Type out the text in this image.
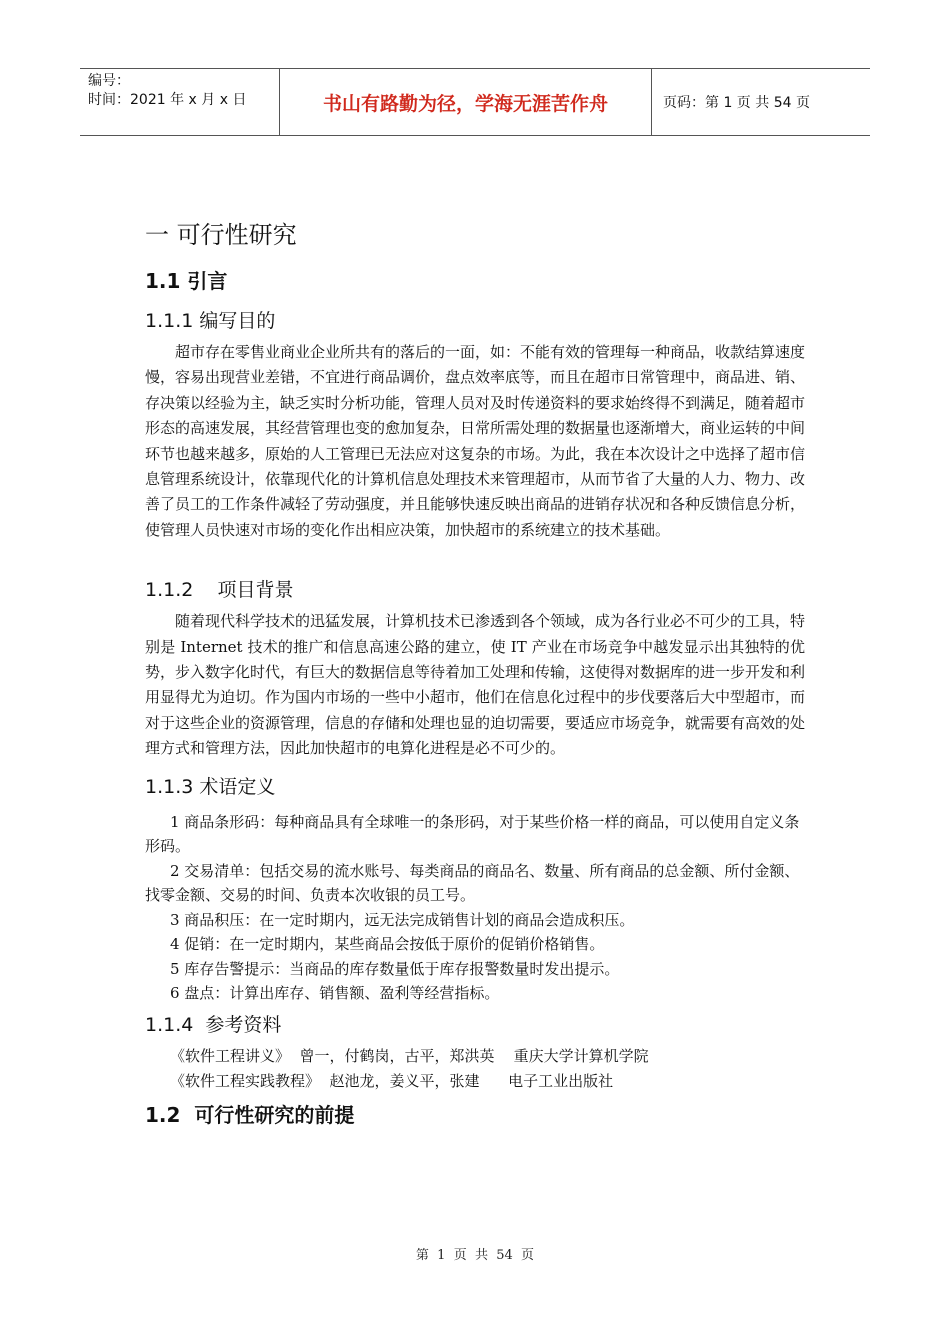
编号：
时间：2021 年 x 月 x 日	书山有路勤为径，学海无涯苦作舟	页码：第 1 页 共 54 页
一 可行性研究
1.1 引言
1.1.1 编写目的

超市存在零售业商业企业所共有的落后的一面，如：不能有效的管理每一种商品，收款结算速度慢，容易出现营业差错，不宜进行商品调价，盘点效率底等，而且在超市日常管理中，商品进、销、存决策以经验为主，缺乏实时分析功能，管理人员对及时传递资料的要求始终得不到满足，随着超市形态的高速发展，其经营管理也变的愈加复杂，日常所需处理的数据量也逐渐增大，商业运转的中间环节也越来越多，原始的人工管理已无法应对这复杂的市场。为此，我在本次设计之中选择了超市信息管理系统设计，依靠现代化的计算机信息处理技术来管理超市，从而节省了大量的人力、物力、改善了员工的工作条件减轻了劳动强度，并且能够快速反映出商品的进销存状况和各种反馈信息分析，使管理人员快速对市场的变化作出相应决策，加快超市的系统建立的技术基础。

1.1.2    项目背景

随着现代科学技术的迅猛发展，计算机技术已渗透到各个领域，成为各行业必不可少的工具，特别是 Internet 技术的推广和信息高速公路的建立，使 IT 产业在市场竞争中越发显示出其独特的优势，步入数字化时代，有巨大的数据信息等待着加工处理和传输，这使得对数据库的进一步开发和利用显得尤为迫切。作为国内市场的一些中小超市，他们在信息化过程中的步伐要落后大中型超市，而对于这些企业的资源管理，信息的存储和处理也显的迫切需要，要适应市场竞争，就需要有高效的处理方式和管理方法，因此加快超市的电算化进程是必不可少的。

1.1.3 术语定义

1 商品条形码：每种商品具有全球唯一的条形码，对于某些价格一样的商品，可以使用自定义条形码。

2 交易清单：包括交易的流水账号、每类商品的商品名、数量、所有商品的总金额、所付金额、找零金额、交易的时间、负责本次收银的员工号。

3 商品积压：在一定时期内，远无法完成销售计划的商品会造成积压。

4 促销：在一定时期内，某些商品会按低于原价的促销价格销售。

5 库存告警提示：当商品的库存数量低于库存报警数量时发出提示。

6 盘点：计算出库存、销售额、盈利等经营指标。

1.1.4  参考资料

《软件工程讲义》  曾一，付鹤岗，古平，郑洪英    重庆大学计算机学院

《软件工程实践教程》  赵池龙，姜义平，张建      电子工业出版社

1.2  可行性研究的前提
第  1  页  共  54  页
